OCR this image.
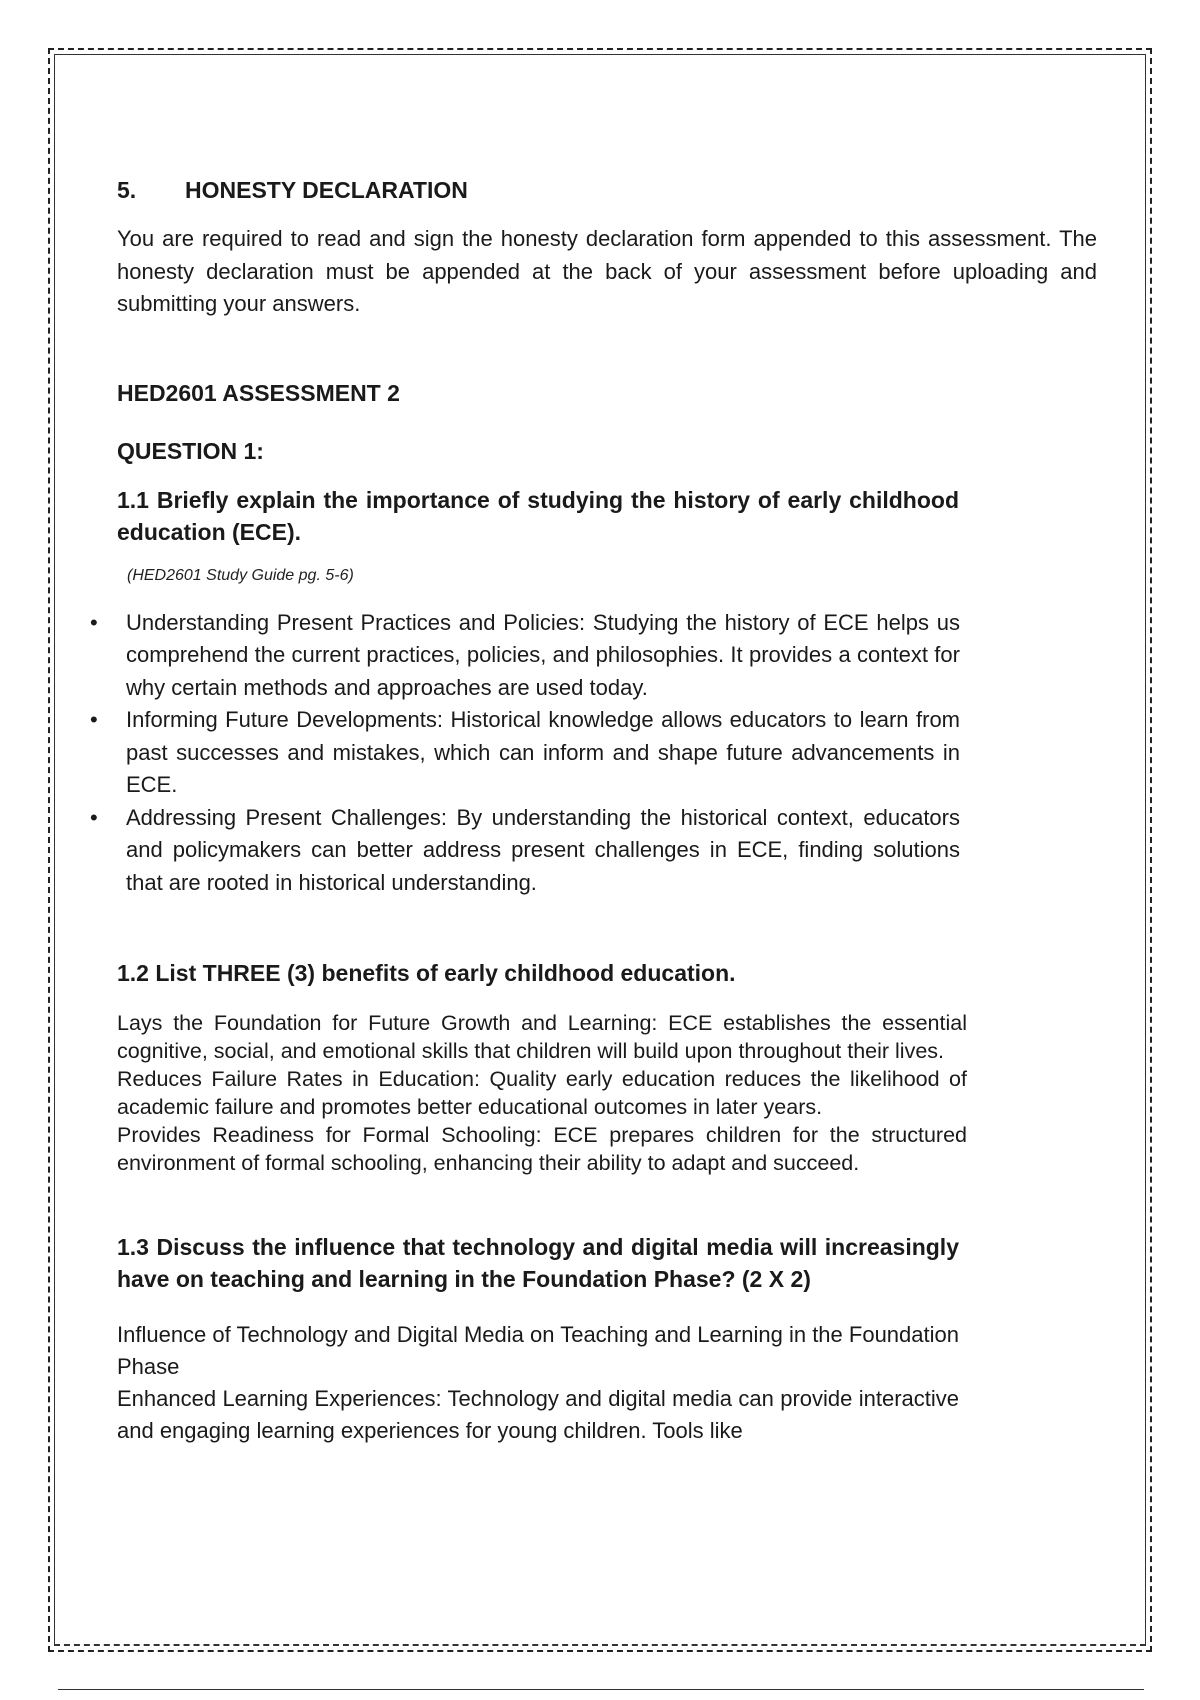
5. HONESTY DECLARATION

You are required to read and sign the honesty declaration form appended to this assessment. The honesty declaration must be appended at the back of your assessment before uploading and submitting your answers.

HED2601 ASSESSMENT 2

QUESTION 1:

1.1 Briefly explain the importance of studying the history of early childhood education (ECE).

(HED2601 Study Guide pg. 5-6)

• Understanding Present Practices and Policies: Studying the history of ECE helps us comprehend the current practices, policies, and philosophies. It provides a context for why certain methods and approaches are used today.
• Informing Future Developments: Historical knowledge allows educators to learn from past successes and mistakes, which can inform and shape future advancements in ECE.
• Addressing Present Challenges: By understanding the historical context, educators and policymakers can better address present challenges in ECE, finding solutions that are rooted in historical understanding.

1.2 List THREE (3) benefits of early childhood education.

Lays the Foundation for Future Growth and Learning: ECE establishes the essential cognitive, social, and emotional skills that children will build upon throughout their lives.

Reduces Failure Rates in Education: Quality early education reduces the likelihood of academic failure and promotes better educational outcomes in later years.

Provides Readiness for Formal Schooling: ECE prepares children for the structured environment of formal schooling, enhancing their ability to adapt and succeed.

1.3 Discuss the influence that technology and digital media will increasingly have on teaching and learning in the Foundation Phase? (2 X 2)

Influence of Technology and Digital Media on Teaching and Learning in the Foundation Phase

Enhanced Learning Experiences: Technology and digital media can provide interactive and engaging learning experiences for young children. Tools like
